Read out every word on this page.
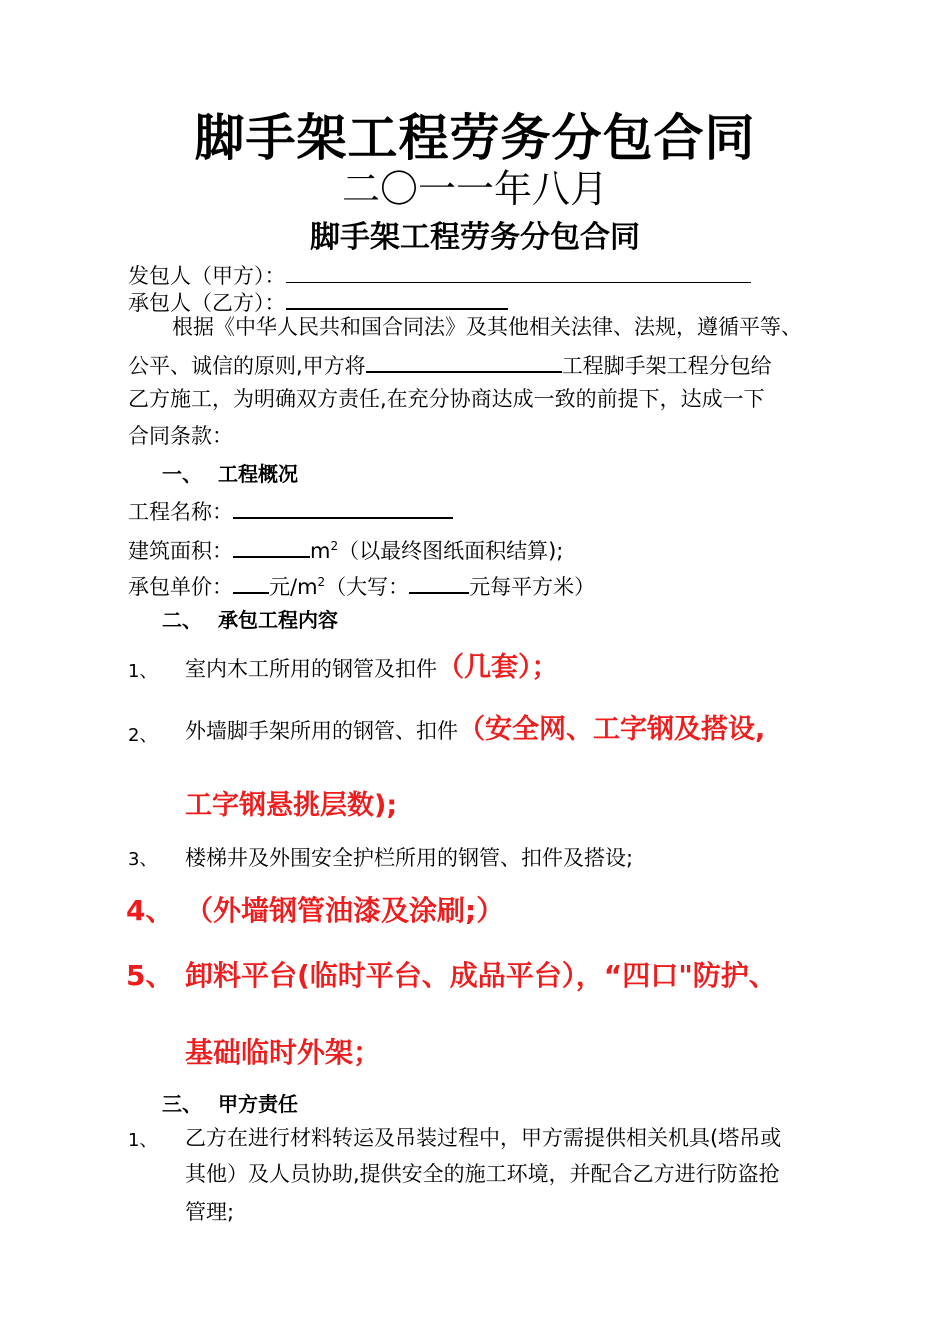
脚手架工程劳务分包合同
二〇一一年八月
脚手架工程劳务分包合同
发包人（甲方）：
承包人（乙方）：
根据《中华人民共和国合同法》及其他相关法律、法规，遵循平等、
公平、诚信的原则,甲方将	工程脚手架工程分包给
乙方施工，为明确双方责任,在充分协商达成一致的前提下，达成一下
合同条款：
一、 工程概况
工程名称：
建筑面积：	$m^2$（以最终图纸面积结算);
承包单价： 元$/m^2$（大写：	元每平方米）
二、 承包工程内容
1、 室内木工所用的钢管及扣件（几套）；
2、 外墙脚手架所用的钢管、扣件（安全网、工字钢及搭设,
工字钢悬挑层数);
3、 楼梯井及外围安全护栏所用的钢管、扣件及搭设;
4、 （外墙钢管油漆及涂刷;）
5、 卸料平台(临时平台、成品平台），“四口"防护、
基础临时外架；
三、 甲方责任
1、 乙方在进行材料转运及吊装过程中，甲方需提供相关机具(塔吊或
其他）及人员协助,提供安全的施工环境，并配合乙方进行防盗抢
管理;
